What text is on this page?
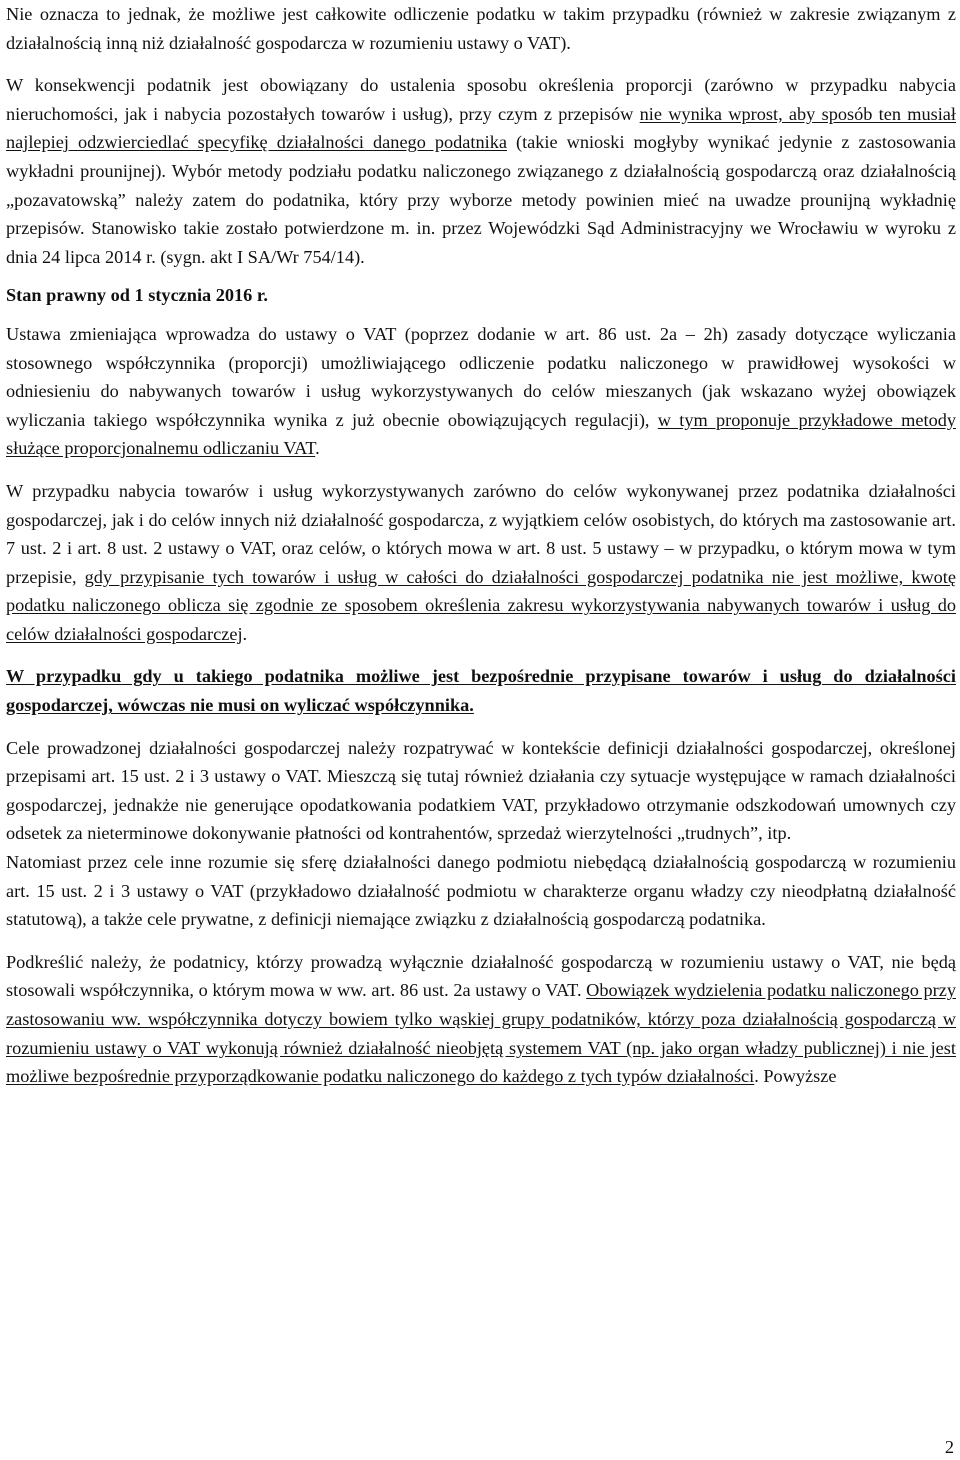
Nie oznacza to jednak, że możliwe jest całkowite odliczenie podatku w takim przypadku (również w zakresie związanym z działalnością inną niż działalność gospodarcza w rozumieniu ustawy o VAT).

W konsekwencji podatnik jest obowiązany do ustalenia sposobu określenia proporcji (zarówno w przypadku nabycia nieruchomości, jak i nabycia pozostałych towarów i usług), przy czym z przepisów nie wynika wprost, aby sposób ten musiał najlepiej odzwierciedlać specyfikę działalności danego podatnika (takie wnioski mogłyby wynikać jedynie z zastosowania wykładni prounijnej). Wybór metody podziału podatku naliczonego związanego z działalnością gospodarczą oraz działalnością „pozavatowską” należy zatem do podatnika, który przy wyborze metody powinien mieć na uwadze prounijną wykładnię przepisów. Stanowisko takie zostało potwierdzone m. in. przez Wojewódzki Sąd Administracyjny we Wrocławiu w wyroku z dnia 24 lipca 2014 r. (sygn. akt I SA/Wr 754/14).

Stan prawny od 1 stycznia 2016 r.

Ustawa zmieniająca wprowadza do ustawy o VAT (poprzez dodanie w art. 86 ust. 2a – 2h) zasady dotyczące wyliczania stosownego współczynnika (proporcji) umożliwiającego odliczenie podatku naliczonego w prawidłowej wysokości w odniesieniu do nabywanych towarów i usług wykorzystywanych do celów mieszanych (jak wskazano wyżej obowiązek wyliczania takiego współczynnika wynika z już obecnie obowiązujących regulacji), w tym proponuje przykładowe metody służące proporcjonalnemu odliczaniu VAT.

W przypadku nabycia towarów i usług wykorzystywanych zarówno do celów wykonywanej przez podatnika działalności gospodarczej, jak i do celów innych niż działalność gospodarcza, z wyjątkiem celów osobistych, do których ma zastosowanie art. 7 ust. 2 i art. 8 ust. 2 ustawy o VAT, oraz celów, o których mowa w art. 8 ust. 5 ustawy – w przypadku, o którym mowa w tym przepisie, gdy przypisanie tych towarów i usług w całości do działalności gospodarczej podatnika nie jest możliwe, kwotę podatku naliczonego oblicza się zgodnie ze sposobem określenia zakresu wykorzystywania nabywanych towarów i usług do celów działalności gospodarczej.

W przypadku gdy u takiego podatnika możliwe jest bezpośrednie przypisane towarów i usług do działalności gospodarczej, wówczas nie musi on wyliczać współczynnika.

Cele prowadzonej działalności gospodarczej należy rozpatrywać w kontekście definicji działalności gospodarczej, określonej przepisami art. 15 ust. 2 i 3 ustawy o VAT. Mieszczą się tutaj również działania czy sytuacje występujące w ramach działalności gospodarczej, jednakże nie generujące opodatkowania podatkiem VAT, przykładowo otrzymanie odszkodowań umownych czy odsetek za nieterminowe dokonywanie płatności od kontrahentów, sprzedaż wierzytelności „trudnych”, itp.

Natomiast przez cele inne rozumie się sferę działalności danego podmiotu niebędącą działalnością gospodarczą w rozumieniu art. 15 ust. 2 i 3 ustawy o VAT (przykładowo działalność podmiotu w charakterze organu władzy czy nieodpłatną działalność statutową), a także cele prywatne, z definicji niemające związku z działalnością gospodarczą podatnika.

Podkreślić należy, że podatnicy, którzy prowadzą wyłącznie działalność gospodarczą w rozumieniu ustawy o VAT, nie będą stosowali współczynnika, o którym mowa w ww. art. 86 ust. 2a ustawy o VAT. Obowiązek wydzielenia podatku naliczonego przy zastosowaniu ww. współczynnika dotyczy bowiem tylko wąskiej grupy podatników, którzy poza działalnością gospodarczą w rozumieniu ustawy o VAT wykonują również działalność nieobjętą systemem VAT (np. jako organ władzy publicznej) i nie jest możliwe bezpośrednie przyporządkowanie podatku naliczonego do każdego z tych typów działalności. Powyższe

2
